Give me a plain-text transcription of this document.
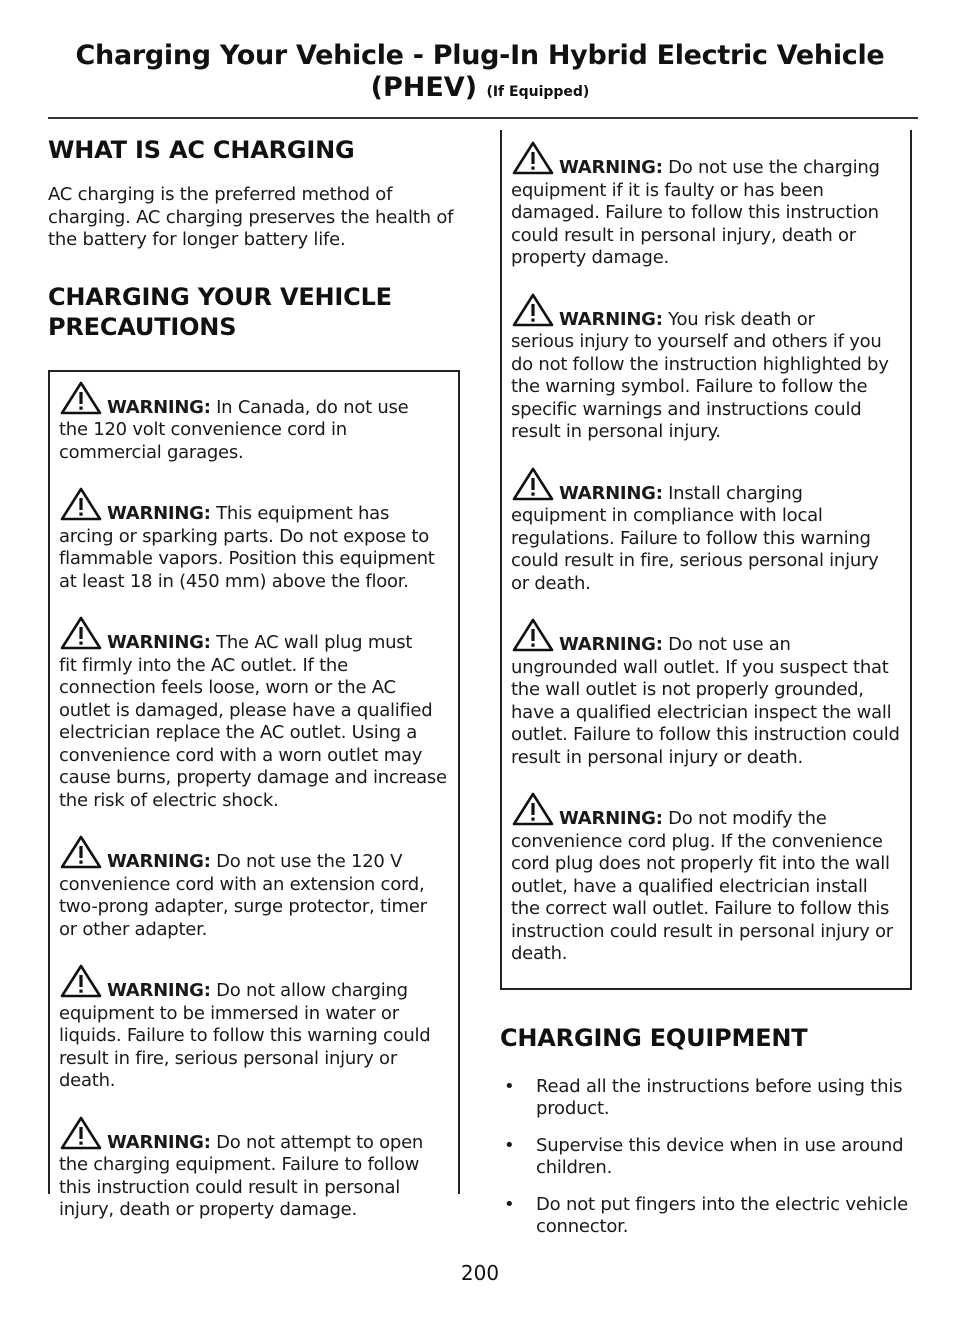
Charging Your Vehicle - Plug-In Hybrid Electric Vehicle
(PHEV) (If Equipped)
WHAT IS AC CHARGING

AC charging is the preferred method of charging. AC charging preserves the health of the battery for longer battery life.

CHARGING YOUR VEHICLE
PRECAUTIONS
WARNING: In Canada, do not use
the 120 volt convenience cord in commercial garages.
WARNING: This equipment has
arcing or sparking parts. Do not expose to flammable vapors. Position this equipment at least 18 in (450 mm) above the floor.
WARNING: The AC wall plug must
fit firmly into the AC outlet. If the connection feels loose, worn or the AC outlet is damaged, please have a qualified electrician replace the AC outlet. Using a convenience cord with a worn outlet may cause burns, property damage and increase the risk of electric shock.
WARNING: Do not use the 120 V
convenience cord with an extension cord, two-prong adapter, surge protector, timer or other adapter.
WARNING: Do not allow charging
equipment to be immersed in water or liquids. Failure to follow this warning could result in fire, serious personal injury or death.
WARNING: Do not attempt to open
the charging equipment. Failure to follow this instruction could result in personal injury, death or property damage.
WARNING: Do not use the charging
equipment if it is faulty or has been damaged. Failure to follow this instruction could result in personal injury, death or property damage.
WARNING: You risk death or
serious injury to yourself and others if you do not follow the instruction highlighted by the warning symbol. Failure to follow the specific warnings and instructions could result in personal injury.
WARNING: Install charging
equipment in compliance with local regulations. Failure to follow this warning could result in fire, serious personal injury or death.
WARNING: Do not use an
ungrounded wall outlet. If you suspect that the wall outlet is not properly grounded, have a qualified electrician inspect the wall outlet. Failure to follow this instruction could result in personal injury or death.
WARNING: Do not modify the
convenience cord plug. If the convenience cord plug does not properly fit into the wall outlet, have a qualified electrician install the correct wall outlet. Failure to follow this instruction could result in personal injury or death.
CHARGING EQUIPMENT
• Read all the instructions before using this product.
• Supervise this device when in use around children.
• Do not put fingers into the electric vehicle connector.
200
